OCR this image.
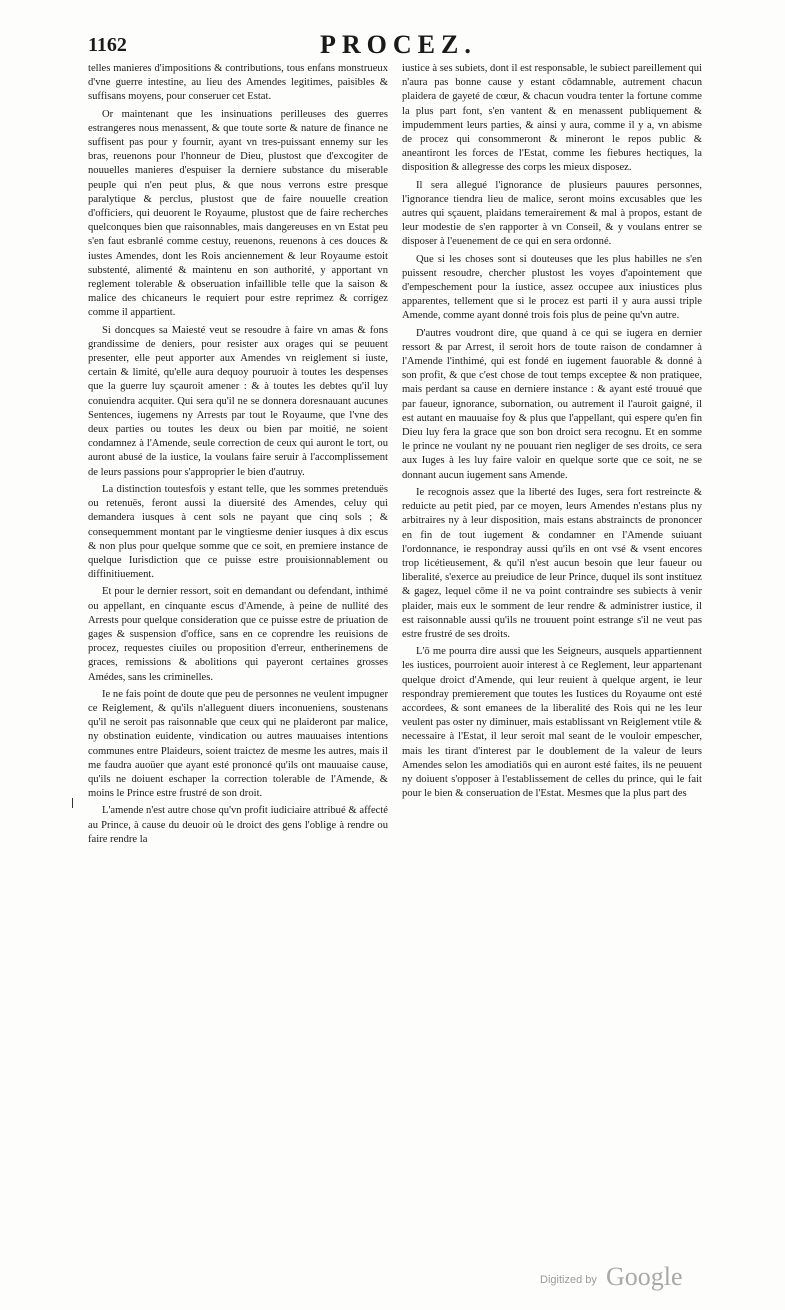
1162	PROCEZ.

telles manieres d'impositions & contributions, tous enfans monstrueux d'vne guerre intestine, au lieu des Amendes legitimes, paisibles & suffisans moyens, pour conseruer cet Estat.

Or maintenant que les insinuations perilleuses des guerres estrangeres nous menassent, & que toute sorte & nature de finance ne suffisent pas pour y fournir, ayant vn tres-puissant ennemy sur les bras, reuenons pour l'honneur de Dieu, plustost que d'excogiter de nouuelles manieres d'espuiser la derniere substance du miserable peuple qui n'en peut plus, & que nous verrons estre presque paralytique & perclus, plustost que de faire nouuelle creation d'officiers, qui deuorent le Royaume, plustost que de faire recherches quelconques bien que raisonnables, mais dangereuses en vn Estat peu s'en faut esbranlé comme cestuy, reuenons, reuenons à ces douces & iustes Amendes, dont les Rois anciennement & leur Royaume estoit substenté, alimenté & maintenu en son authorité, y apportant vn reglement tolerable & obseruation infaillible telle que la saison & malice des chicaneurs le requiert pour estre reprimez & corrigez comme il appartient.

Si doncques sa Maiesté veut se resoudre à faire vn amas & fons grandissime de deniers, pour resister aux orages qui se peuuent presenter, elle peut apporter aux Amendes vn reiglement si iuste, certain & limité, qu'elle aura dequoy pouruoir à toutes les despenses que la guerre luy sçauroit amener : & à toutes les debtes qu'il luy conuiendra acquiter. Qui sera qu'il ne se donnera doresnauant aucunes Sentences, iugemens ny Arrests par tout le Royaume, que l'vne des deux parties ou toutes les deux ou bien par moitié, ne soient condamnez à l'Amende, seule correction de ceux qui auront le tort, ou auront abusé de la iustice, la voulans faire seruir à l'accomplissement de leurs passions pour s'approprier le bien d'autruy.

La distinction toutesfois y estant telle, que les sommes pretenduës ou retenuës, feront aussi la diuersité des Amendes, celuy qui demandera iusques à cent sols ne payant que cinq sols ; & consequemment montant par le vingtiesme denier iusques à dix escus & non plus pour quelque somme que ce soit, en premiere instance de quelque Iurisdiction que ce puisse estre prouisionnablement ou diffinitiuement.

Et pour le dernier ressort, soit en demandant ou defendant, inthimé ou appellant, en cinquante escus d'Amende, à peine de nullité des Arrests pour quelque consideration que ce puisse estre de priuation de gages & suspension d'office, sans en ce coprendre les reuisions de procez, requestes ciuiles ou proposition d'erreur, entherinemens de graces, remissions & abolitions qui payeront certaines grosses Amédes, sans les criminelles.

Ie ne fais point de doute que peu de personnes ne veulent impugner ce Reiglement, & qu'ils n'alleguent diuers inconueniens, soustenans qu'il ne seroit pas raisonnable que ceux qui ne plaideront par malice, ny obstination euidente, vindication ou autres mauuaises intentions communes entre Plaideurs, soient traictez de mesme les autres, mais il me faudra auoüer que ayant esté prononcé qu'ils ont mauuaise cause, qu'ils ne doiuent eschaper la correction tolerable de l'Amende, & moins le Prince estre frustré de son droit.

L'amende n'est autre chose qu'vn profit iudiciaire attribué & affecté au Prince, à cause du deuoir où le droict des gens l'oblige à rendre ou faire rendre la

iustice à ses subiets, dont il est responsable, le subiect pareillement qui n'aura pas bonne cause y estant cōdamnable, autrement chacun plaidera de gayeté de cœur, & chacun voudra tenter la fortune comme la plus part font, s'en vantent & en menassent publiquement & impudemment leurs parties, & ainsi y aura, comme il y a, vn abisme de procez qui consommeront & mineront le repos public & aneantiront les forces de l'Estat, comme les fiebures hectiques, la disposition & allegresse des corps les mieux disposez.

Il sera allegué l'ignorance de plusieurs pauures personnes, l'ignorance tiendra lieu de malice, seront moins excusables que les autres qui sçauent, plaidans temerairement & mal à propos, estant de leur modestie de s'en rapporter à vn Conseil, & y voulans entrer se disposer à l'euenement de ce qui en sera ordonné.

Que si les choses sont si douteuses que les plus habilles ne s'en puissent resoudre, chercher plustost les voyes d'apointement que d'empeschement pour la iustice, assez occupee aux iniustices plus apparentes, tellement que si le procez est parti il y aura aussi triple Amende, comme ayant donné trois fois plus de peine qu'vn autre.

D'autres voudront dire, que quand à ce qui se iugera en dernier ressort & par Arrest, il seroit hors de toute raison de condamner à l'Amende l'inthimé, qui est fondé en iugement fauorable & donné à son profit, & que c'est chose de tout temps exceptee & non pratiquee, mais perdant sa cause en derniere instance : & ayant esté trouué que par faueur, ignorance, subornation, ou autrement il l'auroit gaigné, il est autant en mauuaise foy & plus que l'appellant, qui espere qu'en fin Dieu luy fera la grace que son bon droict sera recognu. Et en somme le prince ne voulant ny ne pouuant rien negliger de ses droits, ce sera aux Iuges à les luy faire valoir en quelque sorte que ce soit, ne se donnant aucun iugement sans Amende.

Ie recognois assez que la liberté des Iuges, sera fort restreincte & reduicte au petit pied, par ce moyen, leurs Amendes n'estans plus ny arbitraires ny à leur disposition, mais estans abstraincts de prononcer en fin de tout iugement & condamner en l'Amende suiuant l'ordonnance, ie respondray aussi qu'ils en ont vsé & vsent encores trop licétieusement, & qu'il n'est aucun besoin que leur faueur ou liberalité, s'exerce au preiudice de leur Prince, duquel ils sont instituez & gagez, lequel cōme il ne va point contraindre ses subiects à venir plaider, mais eux le somment de leur rendre & administrer iustice, il est raisonnable aussi qu'ils ne trouuent point estrange s'il ne veut pas estre frustré de ses droits.

L'ō me pourra dire aussi que les Seigneurs, ausquels appartiennent les iustices, pourroient auoir interest à ce Reglement, leur appartenant quelque droict d'Amende, qui leur reuient à quelque argent, ie leur respondray premierement que toutes les Iustices du Royaume ont esté accordees, & sont emanees de la liberalité des Rois qui ne les leur veulent pas oster ny diminuer, mais establissant vn Reiglement vtile & necessaire à l'Estat, il leur seroit mal seant de le vouloir empescher, mais les tirant d'interest par le doublement de la valeur de leurs Amendes selon les amodiatiōs qui en auront esté faites, ils ne peuuent ny doiuent s'opposer à l'establissement de celles du prince, qui le fait pour le bien & conseruation de l'Estat. Mesmes que la plus part des

Digitized by Google
